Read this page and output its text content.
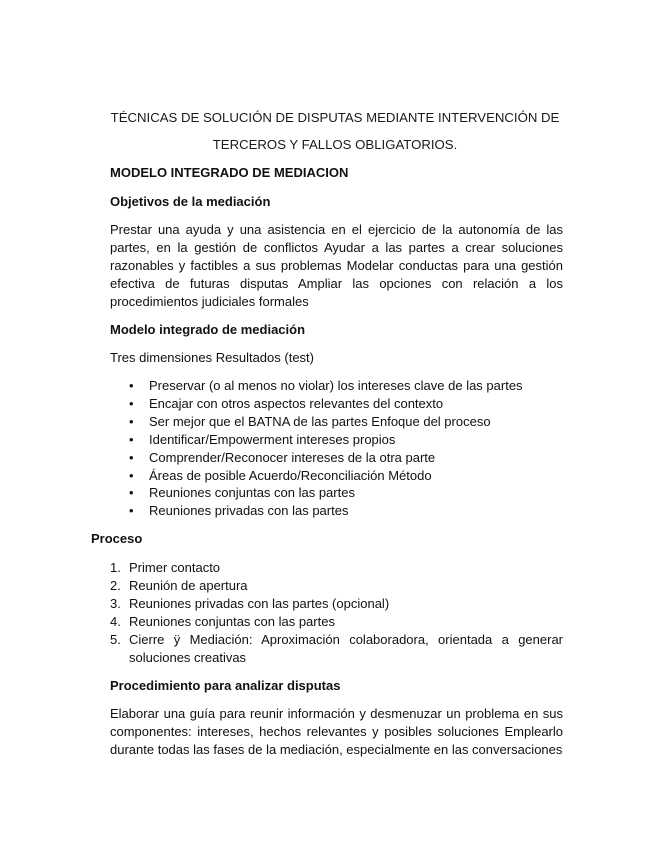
TÉCNICAS DE SOLUCIÓN DE DISPUTAS MEDIANTE INTERVENCIÓN DE
TERCEROS Y FALLOS OBLIGATORIOS.
MODELO INTEGRADO DE MEDIACION
Objetivos de la mediación
Prestar una ayuda y una asistencia en el ejercicio de la autonomía de las partes, en la gestión de conflictos Ayudar a las partes a crear soluciones razonables y factibles a sus problemas Modelar conductas para una gestión efectiva de futuras disputas Ampliar las opciones con relación a los procedimientos judiciales formales
Modelo integrado de mediación
Tres dimensiones Resultados (test)
• Preservar (o al menos no violar) los intereses clave de las partes
• Encajar con otros aspectos relevantes del contexto
• Ser mejor que el BATNA de las partes Enfoque del proceso
• Identificar/Empowerment intereses propios
• Comprender/Reconocer intereses de la otra parte
• Áreas de posible Acuerdo/Reconciliación Método
• Reuniones conjuntas con las partes
• Reuniones privadas con las partes
Proceso
1. Primer contacto
2. Reunión de apertura
3. Reuniones privadas con las partes (opcional)
4. Reuniones conjuntas con las partes
5. Cierre ÿ Mediación: Aproximación colaboradora, orientada a generar soluciones creativas
Procedimiento para analizar disputas
Elaborar una guía para reunir información y desmenuzar un problema en sus componentes: intereses, hechos relevantes y posibles soluciones Emplearlo durante todas las fases de la mediación, especialmente en las conversaciones
